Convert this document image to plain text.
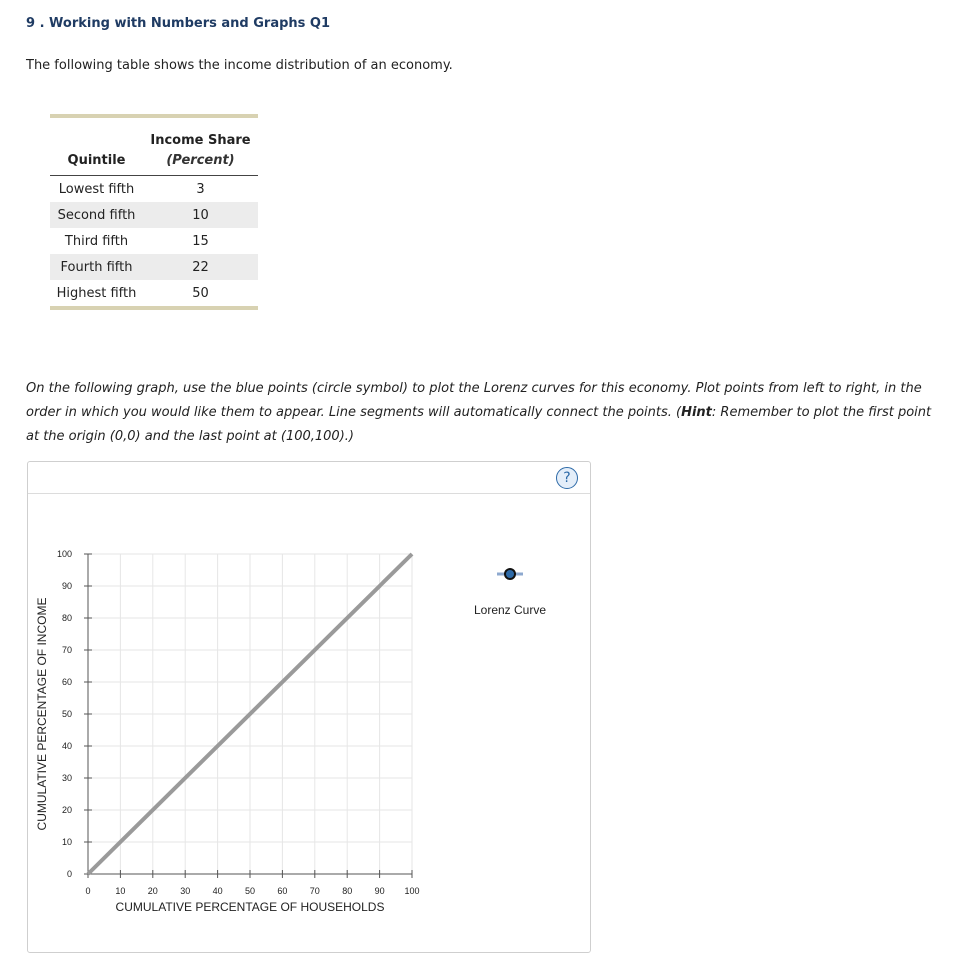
9 . Working with Numbers and Graphs Q1

The following table shows the income distribution of an economy.

	Income Share
Quintile	(Percent)
Lowest fifth	3
Second fifth	10
Third fifth	15
Fourth fifth	22
Highest fifth	50

On the following graph, use the blue points (circle symbol) to plot the Lorenz curves for this economy. Plot points from left to right, in the order in which you would like them to appear. Line segments will automatically connect the points. (Hint: Remember to plot the first point at the origin (0,0) and the last point at (100,100).)

?
0	10 20 30 40 50 60 70 80 90 100
0
10
20
30
40
50
60
70
80
90
100
CUMULATIVE PERCENTAGE OF HOUSEHOLDS
CUMULATIVE PERCENTAGE OF INCOME	Lorenz Curve
